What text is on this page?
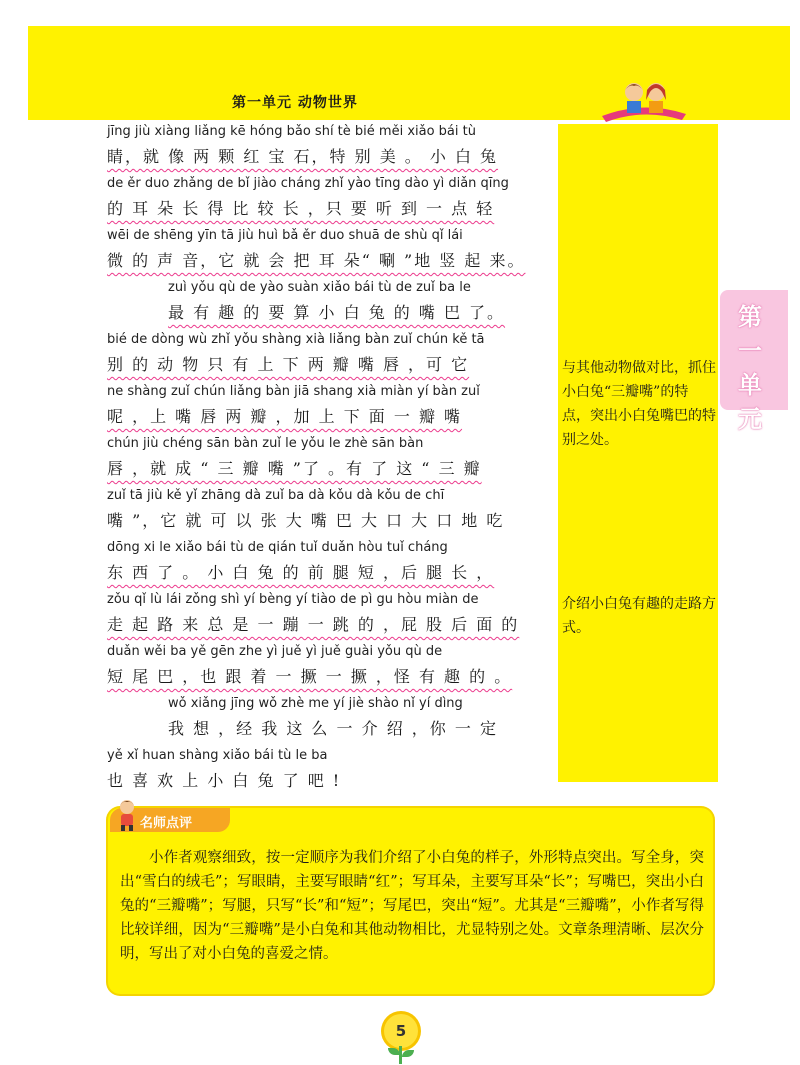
第一单元 动物世界
第一单元
与其他动物做对比，抓住小白兔“三瓣嘴”的特点，突出小白兔嘴巴的特别之处。
介绍小白兔有趣的走路方式。
jīng jiù xiàng liǎng kē hóng bǎo shí tè bié měi xiǎo bái tù
睛，就 像 两 颗 红 宝 石，特 别 美 。 小 白 兔
de ěr duo zhǎng de bǐ jiào cháng zhǐ yào tīng dào yì diǎn qīng
的 耳 朵 长 得 比 较 长 ，只 要 听 到 一 点 轻
wēi de shēng yīn tā jiù huì bǎ ěr duo shuā de shù qǐ lái
微 的 声 音，它 就 会 把 耳 朵“ 唰 ”地 竖 起 来。
zuì yǒu qù de yào suàn xiǎo bái tù de zuǐ ba le
最 有 趣 的 要 算 小 白 兔 的 嘴 巴 了。
bié de dòng wù zhǐ yǒu shàng xià liǎng bàn zuǐ chún kě tā
别 的 动 物 只 有 上 下 两 瓣 嘴 唇 ，可 它
ne shàng zuǐ chún liǎng bàn jiā shang xià miàn yí bàn zuǐ
呢 ，上 嘴 唇 两 瓣 ，加 上 下 面 一 瓣 嘴
chún jiù chéng sān bàn zuǐ le yǒu le zhè sān bàn
唇 ，就 成 “ 三 瓣 嘴 ”了 。有 了 这 “ 三 瓣
zuǐ tā jiù kě yǐ zhāng dà zuǐ ba dà kǒu dà kǒu de chī
嘴 ”，它 就 可 以 张 大 嘴 巴 大 口 大 口 地 吃
dōng xi le xiǎo bái tù de qián tuǐ duǎn hòu tuǐ cháng
东 西 了 。 小 白 兔 的 前 腿 短 ，后 腿 长 ，
zǒu qǐ lù lái zǒng shì yí bèng yí tiào de pì gu hòu miàn de
走 起 路 来 总 是 一 蹦 一 跳 的 ，屁 股 后 面 的
duǎn wěi ba yě gēn zhe yì juě yì juě guài yǒu qù de
短 尾 巴 ，也 跟 着 一 撅 一 撅 ，怪 有 趣 的 。
wǒ xiǎng jīng wǒ zhè me yí jiè shào nǐ yí dìng
我 想 ，经 我 这 么 一 介 绍 ，你 一 定
yě xǐ huan shàng xiǎo bái tù le ba
也 喜 欢 上 小 白 兔 了 吧 !
名师点评
小作者观察细致，按一定顺序为我们介绍了小白兔的样子，外形特点突出。写全身，突出“雪白的绒毛”；写眼睛，主要写眼睛“红”；写耳朵，主要写耳朵“长”；写嘴巴，突出小白兔的“三瓣嘴”；写腿，只写“长”和“短”；写尾巴，突出“短”。尤其是“三瓣嘴”，小作者写得比较详细，因为“三瓣嘴”是小白兔和其他动物相比，尤显特别之处。文章条理清晰、层次分明，写出了对小白兔的喜爱之情。
5
